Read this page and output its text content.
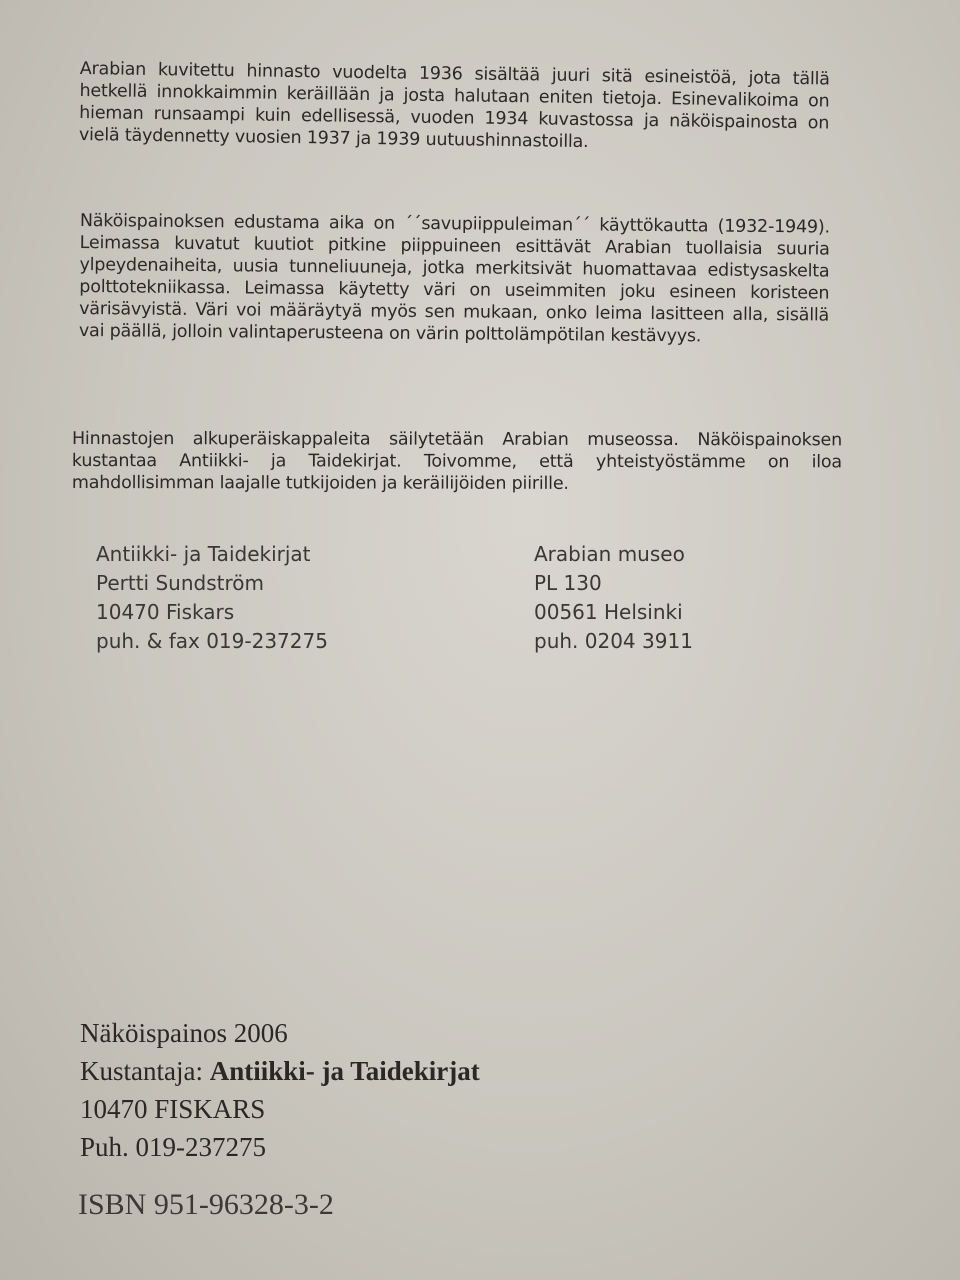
Arabian kuvitettu hinnasto vuodelta 1936 sisältää juuri sitä esineistöä, jota tällä hetkellä innokkaimmin keräillään ja josta halutaan eniten tietoja. Esinevalikoima on hieman runsaampi kuin edellisessä, vuoden 1934 kuvastossa ja näköispainosta on vielä täydennetty vuosien 1937 ja 1939 uutuushinnastoilla.

Näköispainoksen edustama aika on ´´savupiippuleiman´´ käyttökautta (1932-1949). Leimassa kuvatut kuutiot pitkine piippuineen esittävät Arabian tuollaisia suuria ylpeydenaiheita, uusia tunneliuuneja, jotka merkitsivät huomattavaa edistysaskelta polttotekniikassa. Leimassa käytetty väri on useimmiten joku esineen koristeen värisävyistä. Väri voi määräytyä myös sen mukaan, onko leima lasitteen alla, sisällä vai päällä, jolloin valintaperusteena on värin polttolämpötilan kestävyys.

Hinnastojen alkuperäiskappaleita säilytetään Arabian museossa. Näköispainoksen kustantaa Antiikki- ja Taidekirjat. Toivomme, että yhteistyöstämme on iloa mahdollisimman laajalle tutkijoiden ja keräilijöiden piirille.

Antiikki- ja Taidekirjat
Pertti Sundström
10470 Fiskars
puh. & fax 019-237275
Arabian museo
PL 130
00561 Helsinki
puh. 0204 3911
Näköispainos 2006
Kustantaja: Antiikki- ja Taidekirjat
10470 FISKARS
Puh. 019-237275
ISBN 951-96328-3-2
